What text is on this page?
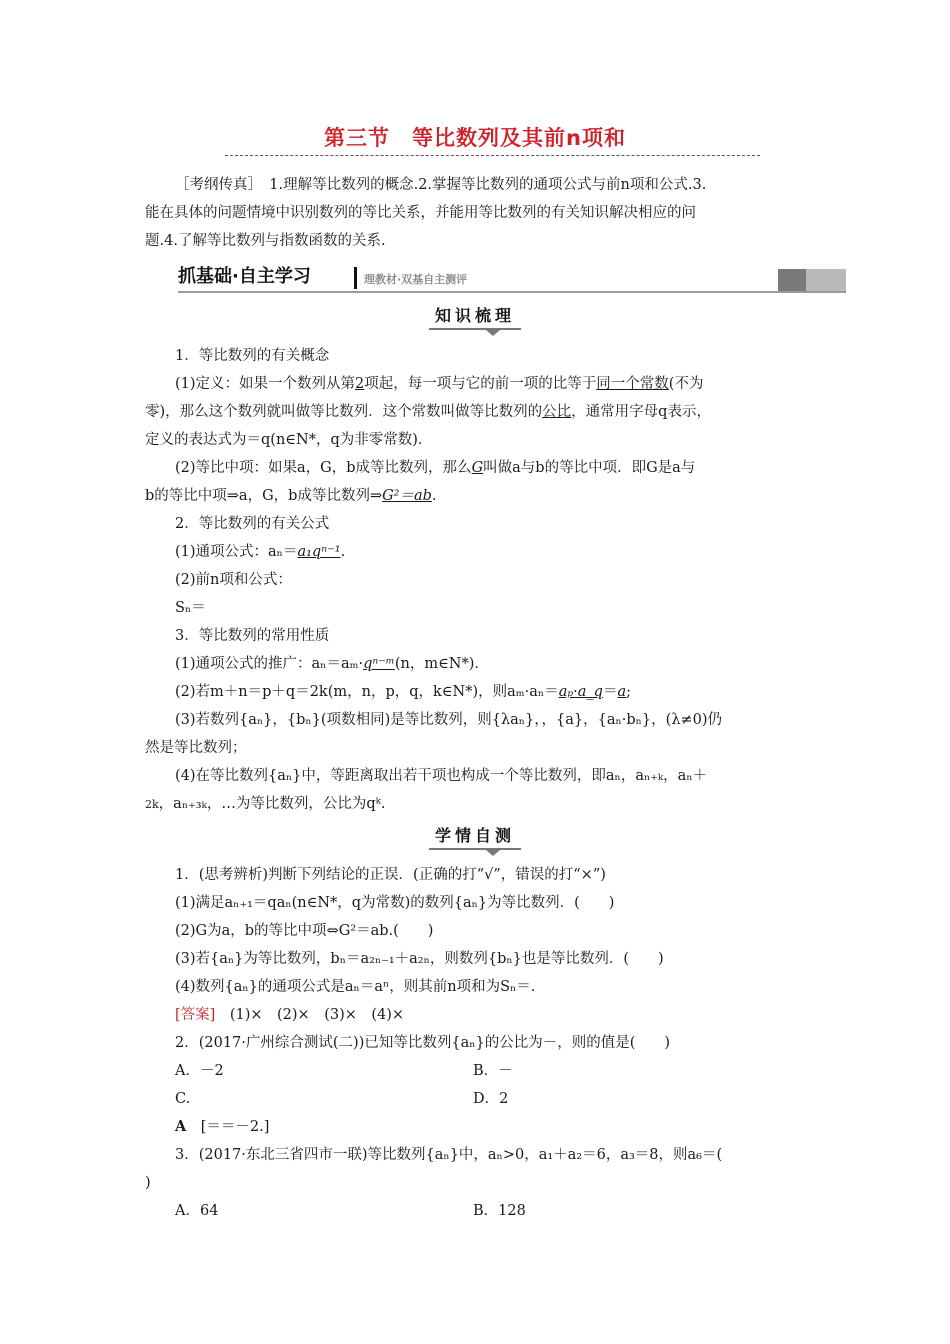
第三节　等比数列及其前n项和
［考纲传真］　1.理解等比数列的概念.2.掌握等比数列的通项公式与前n项和公式.3.
能在具体的问题情境中识别数列的等比关系，并能用等比数列的有关知识解决相应的问
题.4.了解等比数列与指数函数的关系.
抓基础·自主学习	理教材·双基自主测评
知识梳理
1．等比数列的有关概念
(1)定义：如果一个数列从第2项起，每一项与它的前一项的比等于同一个常数(不为
零)，那么这个数列就叫做等比数列．这个常数叫做等比数列的公比，通常用字母q表示，
定义的表达式为＝q(n∈N*，q为非零常数)．
(2)等比中项：如果a，G，b成等比数列，那么G叫做a与b的等比中项．即G是a与
b的等比中项⇒a，G，b成等比数列⇒G²＝ab.
2．等比数列的有关公式
(1)通项公式：aₙ＝a₁qⁿ⁻¹.
(2)前n项和公式：
Sₙ＝
3．等比数列的常用性质
(1)通项公式的推广：aₙ＝aₘ·qⁿ⁻ᵐ(n，m∈N*)．
(2)若m＋n＝p＋q＝2k(m，n，p，q，k∈N*)，则aₘ·aₙ＝aₚ·a_q＝a;
(3)若数列{aₙ}，{bₙ}(项数相同)是等比数列，则{λaₙ}，，{a}，{aₙ·bₙ}，(λ≠0)仍
然是等比数列；
(4)在等比数列{aₙ}中，等距离取出若干项也构成一个等比数列，即aₙ，aₙ₊ₖ，aₙ＋
2k，aₙ₊₃ₖ，…为等比数列，公比为qᵏ.
学情自测
1．(思考辨析)判断下列结论的正误．(正确的打“√”，错误的打“×”)
(1)满足aₙ₊₁＝qaₙ(n∈N*，q为常数)的数列{aₙ}为等比数列．(　　)
(2)G为a，b的等比中项⇔G²＝ab.(　　)
(3)若{aₙ}为等比数列，bₙ＝a₂ₙ₋₁＋a₂ₙ，则数列{bₙ}也是等比数列．(　　)
(4)数列{aₙ}的通项公式是aₙ＝aⁿ，则其前n项和为Sₙ＝.
[答案]　(1)×　(2)×　(3)×　(4)×
2．(2017·广州综合测试(二))已知等比数列{aₙ}的公比为－，则的值是(　　)
A．－2	B．－
C.	D．2
A　[＝＝－2.]
3．(2017·东北三省四市一联)等比数列{aₙ}中，aₙ>0，a₁＋a₂＝6，a₃＝8，则a₆＝(
)
A．64	B．128
